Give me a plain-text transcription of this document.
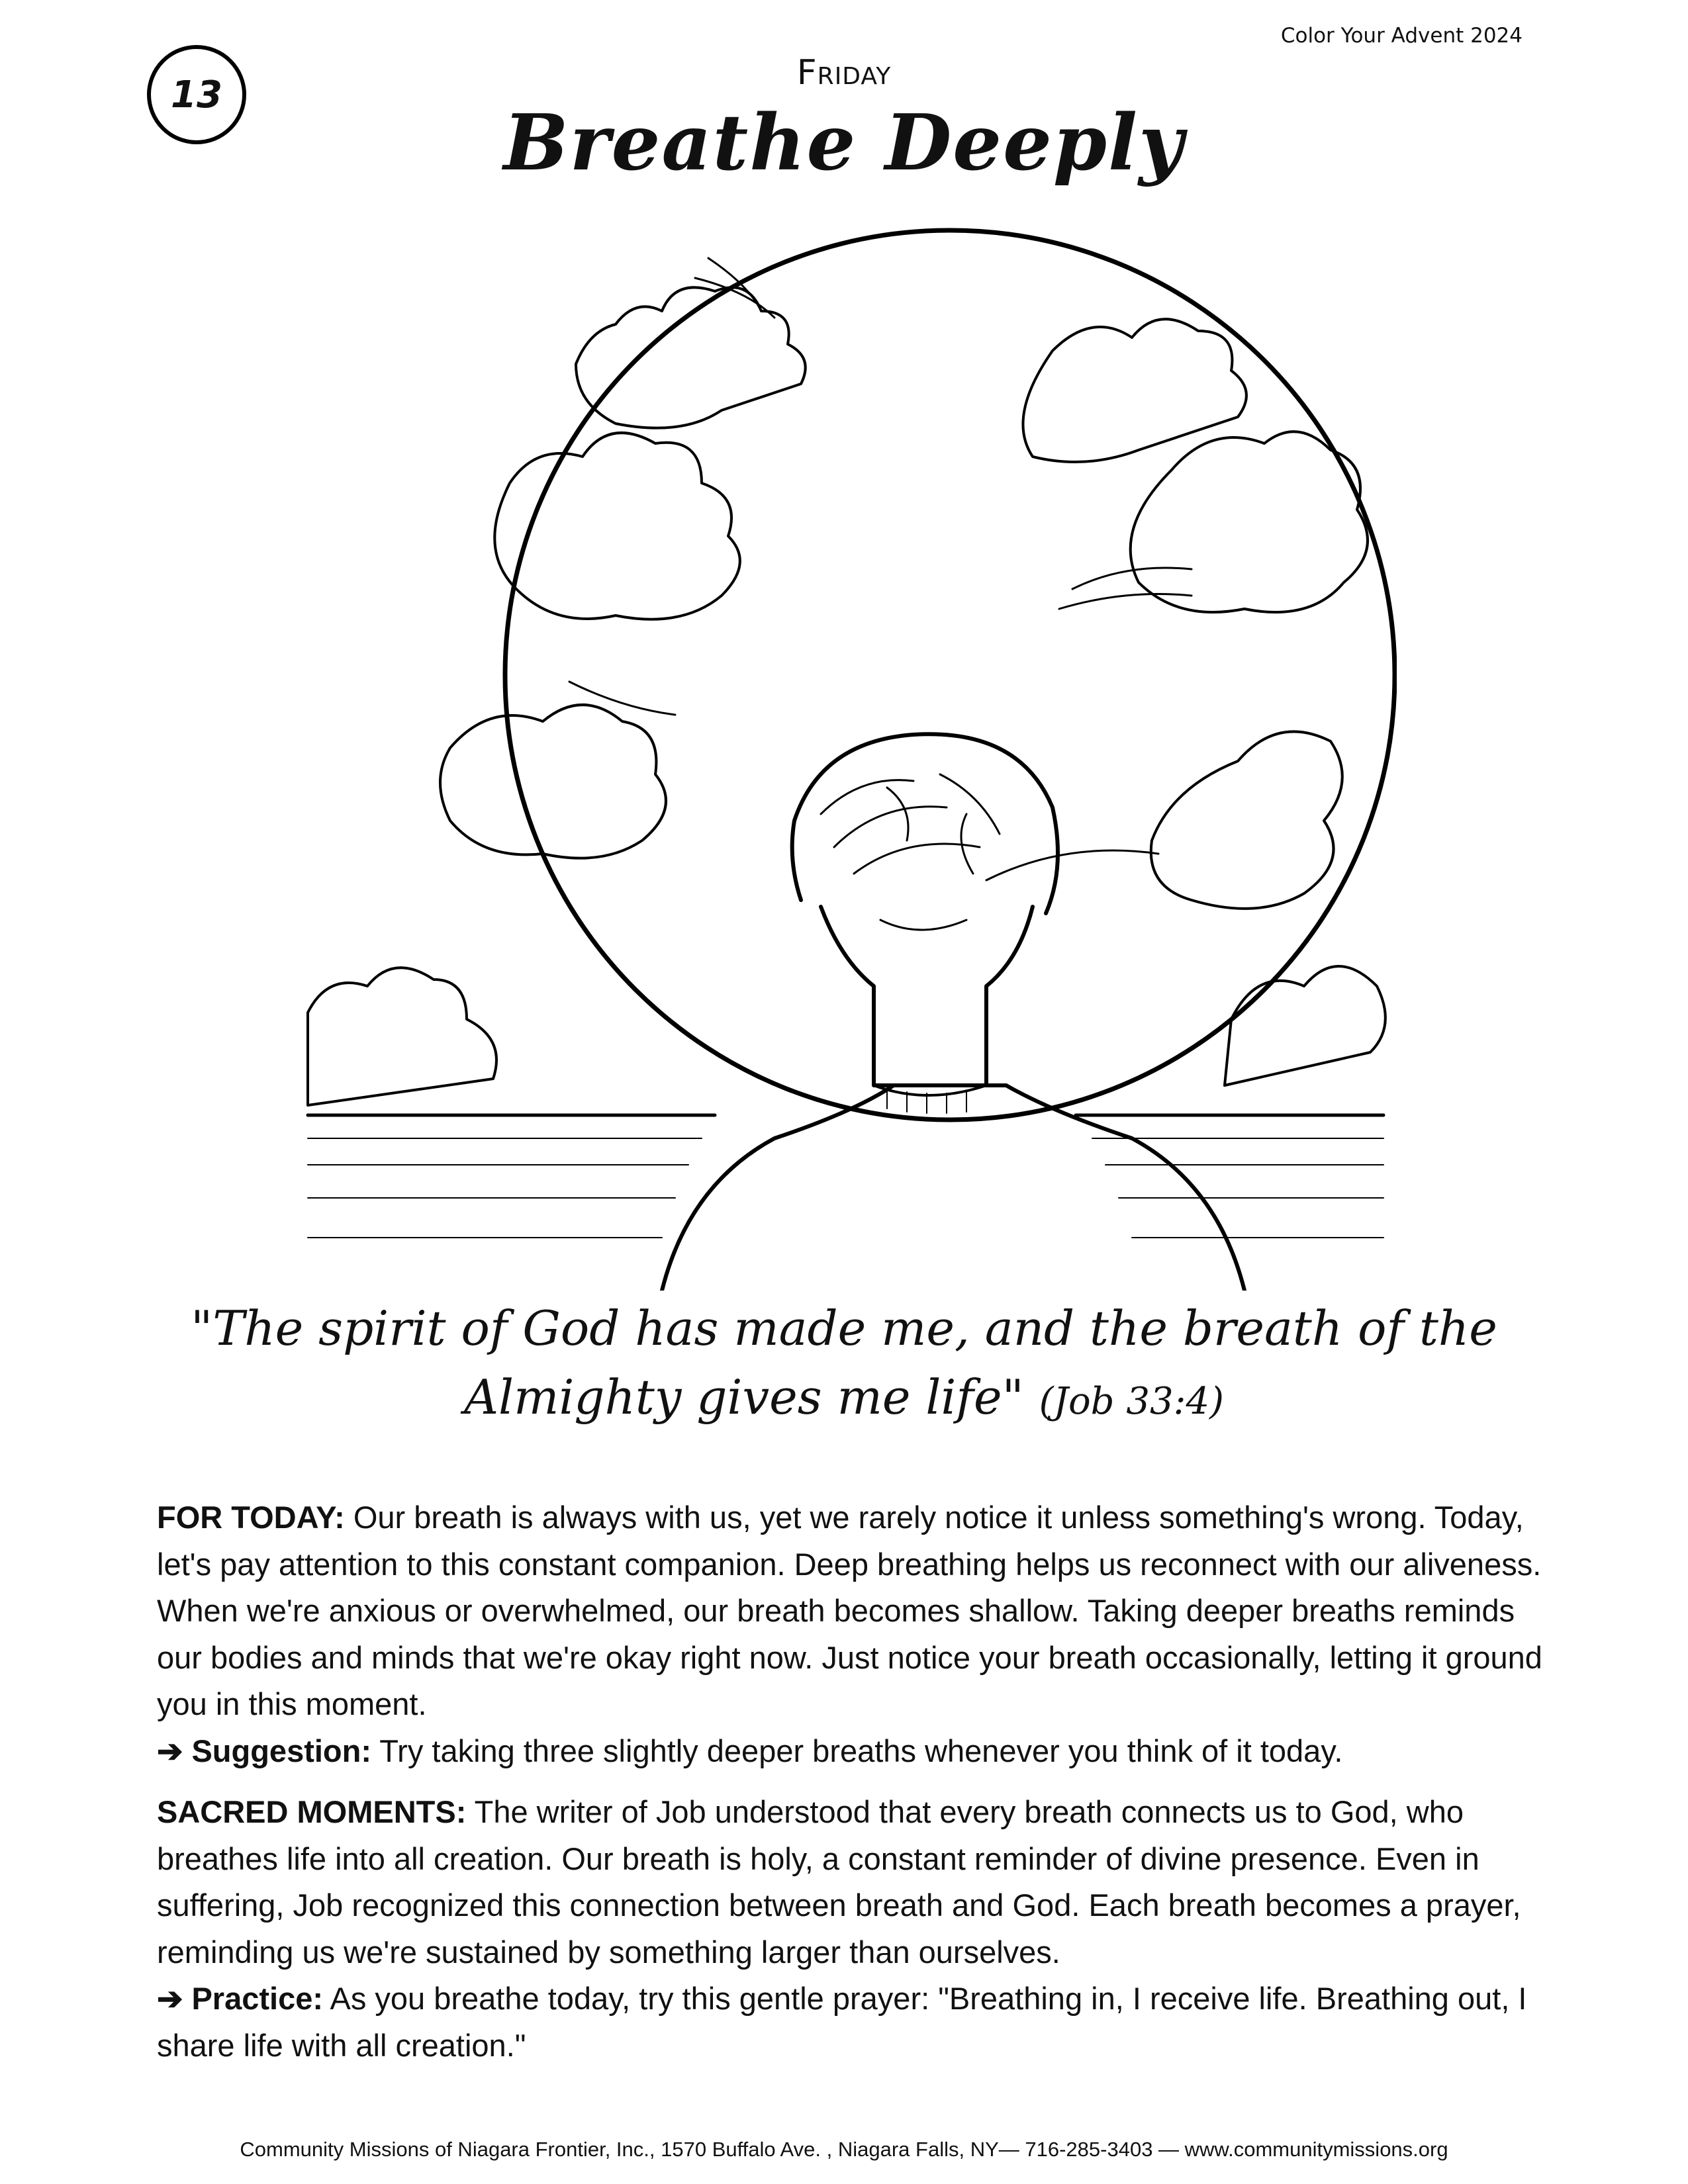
Color Your Advent 2024
13
Friday
Breathe Deeply
"The spirit of God has made me, and the breath of the Almighty gives me life" (Job 33:4)

FOR TODAY: Our breath is always with us, yet we rarely notice it unless something's wrong. Today, let's pay attention to this constant companion. Deep breathing helps us reconnect with our aliveness. When we're anxious or overwhelmed, our breath becomes shallow. Taking deeper breaths reminds our bodies and minds that we're okay right now. Just notice your breath occasionally, letting it ground you in this moment.

➔ Suggestion: Try taking three slightly deeper breaths whenever you think of it today.

SACRED MOMENTS: The writer of Job understood that every breath connects us to God, who breathes life into all creation. Our breath is holy, a constant reminder of divine presence. Even in suffering, Job recognized this connection between breath and God. Each breath becomes a prayer, reminding us we're sustained by something larger than ourselves.

➔ Practice: As you breathe today, try this gentle prayer: "Breathing in, I receive life. Breathing out, I share life with all creation."

Community Missions of Niagara Frontier, Inc., 1570 Buffalo Ave. , Niagara Falls, NY— 716-285-3403 — www.communitymissions.org
